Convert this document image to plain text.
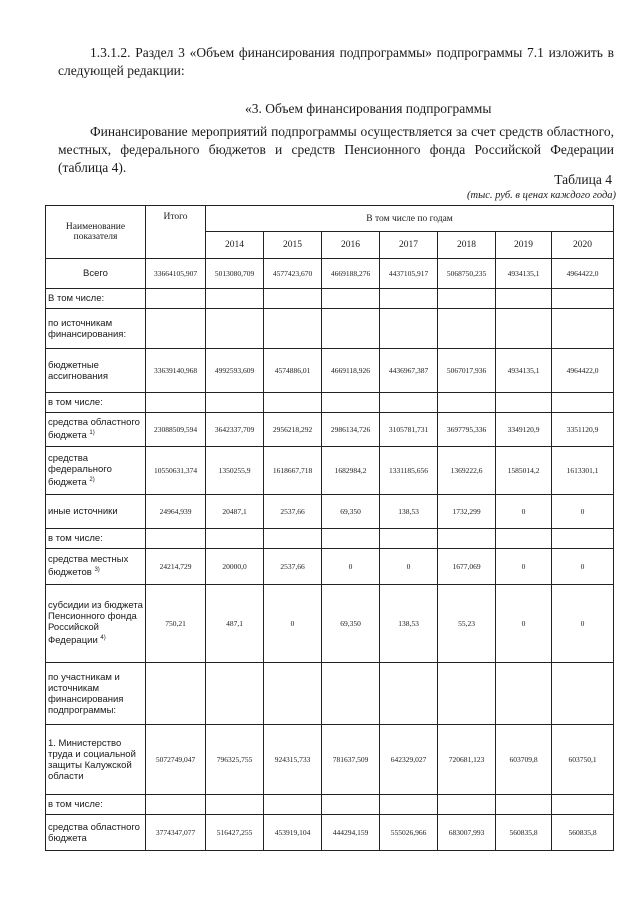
1.3.1.2. Раздел 3 «Объем финансирования подпрограммы» подпрограммы 7.1 изложить в следующей редакции:
«3. Объем финансирования подпрограммы
Финансирование мероприятий подпрограммы осуществляется за счет средств областного, местных, федерального бюджетов и средств Пенсионного фонда Российской Федерации (таблица 4).
Таблица 4
(тыс. руб. в ценах каждого года)
Наименование показателя	Итого	В том числе по годам						
		2014	2015	2016	2017	2018	2019	2020
Всего	33664105,907	5013080,709	4577423,670	4669188,276	4437105,917	5068750,235	4934135,1	4964422,0
В том числе:								
по источникам финансирования:								
бюджетные ассигнования	33639140,968	4992593,609	4574886,01	4669118,926	4436967,387	5067017,936	4934135,1	4964422,0
в том числе:								
средства областного бюджета $^{1)}$	23088509,594	3642337,709	2956218,292	2986134,726	3105781,731	3697795,336	3349120,9	3351120,9
средства федерального бюджета $^{2)}$	10550631,374	1350255,9	1618667,718	1682984,2	1331185,656	1369222,6	1585014,2	1613301,1
иные источники	24964,939	20487,1	2537,66	69,350	138,53	1732,299	0	0
в том числе:								
средства местных бюджетов $^{3)}$	24214,729	20000,0	2537,66	0	0	1677,069	0	0
субсидии из бюджета Пенсионного фонда Российской Федерации $^{4)}$	750,21	487,1	0	69,350	138,53	55,23	0	0
по участникам и источникам финансирования подпрограммы:								
1. Министерство труда и социальной защиты Калужской области	5072749,047	796325,755	924315,733	781637,509	642329,027	720681,123	603709,8	603750,1
в том числе:								
средства областного бюджета	3774347,077	516427,255	453919,104	444294,159	555026,966	683007,993	560835,8	560835,8
